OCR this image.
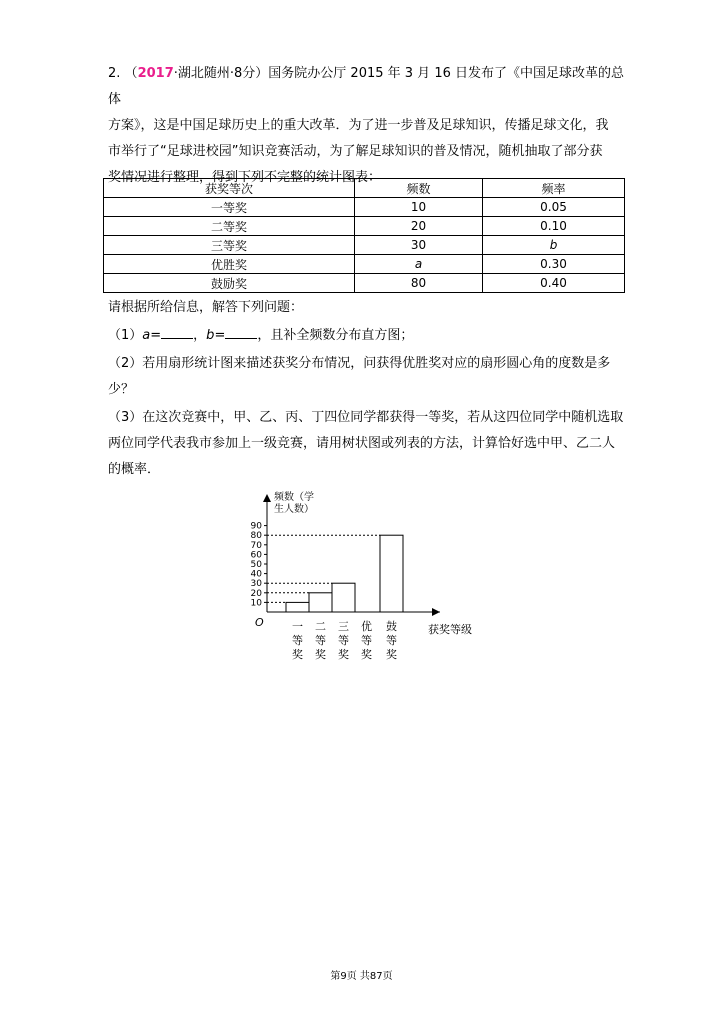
2. （2017·湖北随州·8分）国务院办公厅 2015 年 3 月 16 日发布了《中国足球改革的总体
方案》，这是中国足球历史上的重大改革．为了进一步普及足球知识，传播足球文化，我
市举行了“足球进校园”知识竞赛活动，为了解足球知识的普及情况，随机抽取了部分获
奖情况进行整理，得到下列不完整的统计图表：
获奖等次	频数	频率
一等奖	10	0.05
二等奖	20	0.10
三等奖	30	b
优胜奖	a	0.30
鼓励奖	80	0.40
请根据所给信息，解答下列问题：
（1）a= ，b= ，且补全频数分布直方图；
（2）若用扇形统计图来描述获奖分布情况，问获得优胜奖对应的扇形圆心角的度数是多
少？
（3）在这次竞赛中，甲、乙、丙、丁四位同学都获得一等奖，若从这四位同学中随机选取
两位同学代表我市参加上一级竞赛，请用树状图或列表的方法，计算恰好选中甲、乙二人
的概率．
频数（学
生人数）
获奖等级
O
10
20
30
40
50
60
70
80
90
一
等
奖
二
等
奖
三
等
奖
优
等
奖
鼓
等
奖
第9页 共87页
